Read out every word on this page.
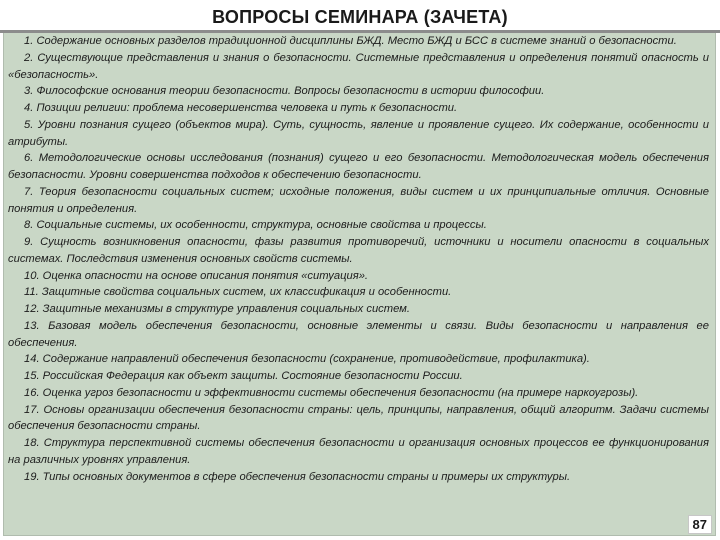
ВОПРОСЫ СЕМИНАРА (ЗАЧЕТА)

1. Содержание основных разделов традиционной дисциплины БЖД. Место БЖД и БСС в системе знаний о безопасности.

2. Существующие представления и знания о безопасности. Системные представления и определения понятий опасность и «безопасность».

3. Философские основания теории безопасности. Вопросы безопасности в истории философии.

4. Позиции религии: проблема несовершенства человека и путь к безопасности.

5. Уровни познания сущего (объектов мира). Суть, сущность, явление и проявление сущего. Их содержание, особенности и атрибуты.

6. Методологические основы исследования (познания) сущего и его безопасности. Методологическая модель обеспечения безопасности. Уровни совершенства подходов к обеспечению безопасности.

7. Теория безопасности социальных систем; исходные положения, виды систем и их принципиальные отличия. Основные понятия и определения.

8. Социальные системы, их особенности, структура, основные свойства и процессы.

9. Сущность возникновения опасности, фазы развития противоречий, источники и носители опасности в социальных системах. Последствия изменения основных свойств системы.

10. Оценка опасности на основе описания понятия «ситуация».

11. Защитные свойства социальных систем, их классификация и особенности.

12. Защитные механизмы в структуре управления социальных систем.

13. Базовая модель обеспечения безопасности, основные элементы и связи. Виды безопасности и направления ее обеспечения.

14. Содержание направлений обеспечения безопасности (сохранение, противодействие, профилактика).

15. Российская Федерация как объект защиты. Состояние безопасности России.

16. Оценка угроз безопасности и эффективности системы обеспечения безопасности (на примере наркоугрозы).

17. Основы организации обеспечения безопасности страны: цель, принципы, направления, общий алгоритм. Задачи системы обеспечения безопасности страны.

18. Структура перспективной системы обеспечения безопасности и организация основных процессов ее функционирования на различных уровнях управления.

19. Типы основных документов в сфере обеспечения безопасности страны и примеры их структуры.

87
